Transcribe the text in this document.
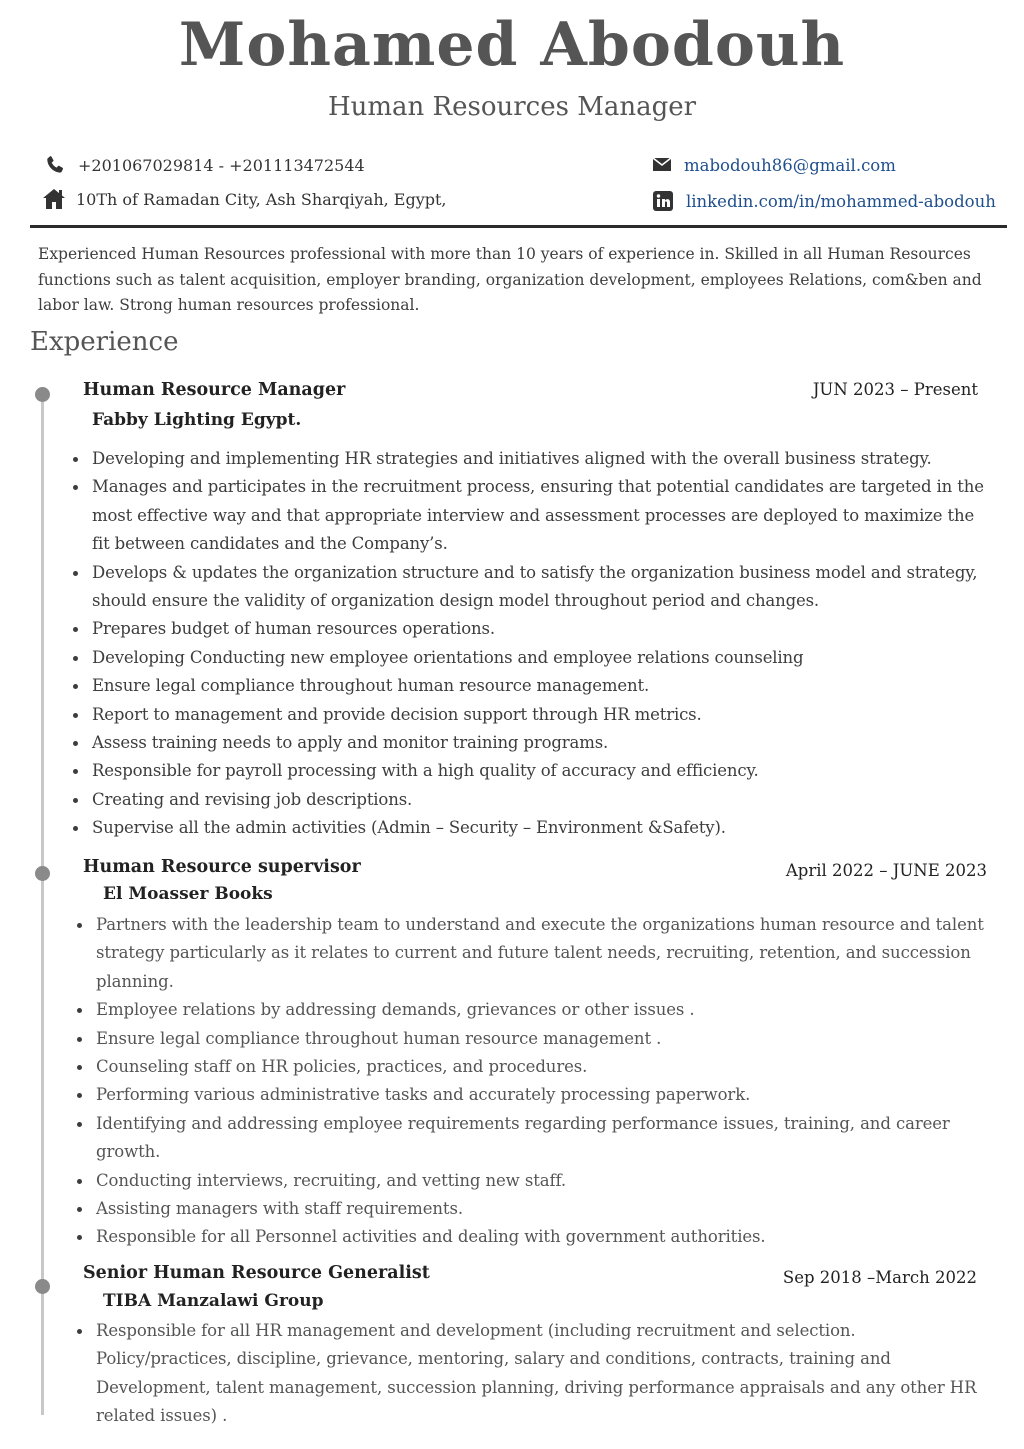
Mohamed Abodouh
Human Resources Manager
+201067029814 - +201113472544
10Th of Ramadan City, Ash Sharqiyah, Egypt,
mabodouh86@gmail.com
linkedin.com/in/mohammed-abodouh
Experienced Human Resources professional with more than 10 years of experience in. Skilled in all Human Resources functions such as talent acquisition, employer branding, organization development, employees Relations, com&ben and labor law. Strong human resources professional.
Experience
Human Resource Manager	JUN 2023 – Present
Fabby Lighting Egypt.
Developing and implementing HR strategies and initiatives aligned with the overall business strategy.
Manages and participates in the recruitment process, ensuring that potential candidates are targeted in the most effective way and that appropriate interview and assessment processes are deployed to maximize the fit between candidates and the Company’s.
Develops & updates the organization structure and to satisfy the organization business model and strategy, should ensure the validity of organization design model throughout period and changes.
Prepares budget of human resources operations.
Developing Conducting new employee orientations and employee relations counseling
Ensure legal compliance throughout human resource management.
Report to management and provide decision support through HR metrics.
Assess training needs to apply and monitor training programs.
Responsible for payroll processing with a high quality of accuracy and efficiency.
Creating and revising job descriptions.
Supervise all the admin activities (Admin – Security – Environment &Safety).
Human Resource supervisor	April 2022 – JUNE 2023
El Moasser Books
Partners with the leadership team to understand and execute the organizations human resource and talent strategy particularly as it relates to current and future talent needs, recruiting, retention, and succession planning.
Employee relations by addressing demands, grievances or other issues .
Ensure legal compliance throughout human resource management .
Counseling staff on HR policies, practices, and procedures.
Performing various administrative tasks and accurately processing paperwork.
Identifying and addressing employee requirements regarding performance issues, training, and career growth.
Conducting interviews, recruiting, and vetting new staff.
Assisting managers with staff requirements.
Responsible for all Personnel activities and dealing with government authorities.
Senior Human Resource Generalist	Sep 2018 –March 2022
TIBA Manzalawi Group
Responsible for all HR management and development (including recruitment and selection. Policy/practices, discipline, grievance, mentoring, salary and conditions, contracts, training and Development, talent management, succession planning, driving performance appraisals and any other HR related issues) .
